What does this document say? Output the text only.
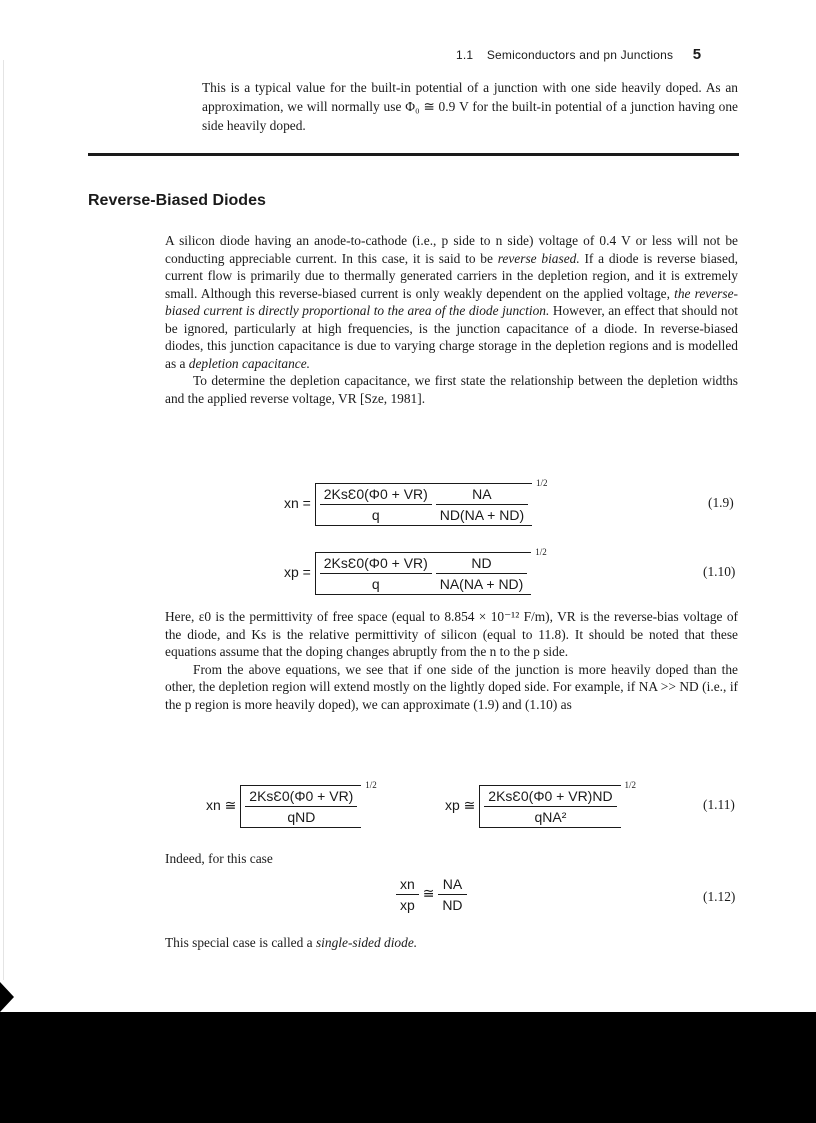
1.1 Semiconductors and pn Junctions 5
This is a typical value for the built-in potential of a junction with one side heavily doped. As an approximation, we will normally use Φ₀ ≅ 0.9 V for the built-in potential of a junction having one side heavily doped.
Reverse-Biased Diodes

A silicon diode having an anode-to-cathode (i.e., p side to n side) voltage of 0.4 V or less will not be conducting appreciable current. In this case, it is said to be reverse biased. If a diode is reverse biased, current flow is primarily due to thermally generated carriers in the depletion region, and it is extremely small. Although this reverse-biased current is only weakly dependent on the applied voltage, the reverse-biased current is directly proportional to the area of the diode junction. However, an effect that should not be ignored, particularly at high frequencies, is the junction capacitance of a diode. In reverse-biased diodes, this junction capacitance is due to varying charge storage in the depletion regions and is modelled as a depletion capacitance.

To determine the depletion capacitance, we first state the relationship between the depletion widths and the applied reverse voltage, VR [Sze, 1981].

xn = $\frac{\text{2KsƐ0(Φ0 + VR)}}{q}$
$\frac{NA}{ND(NA + ND)}$
$^{1/2}$
(1.9)
xp = $\frac{\text{2KsƐ0(Φ0 + VR)}}{q}$
$\frac{ND}{NA(NA + ND)}$
$^{1/2}$
(1.10)

Here, ε0 is the permittivity of free space (equal to 8.854 × 10⁻¹² F/m), VR is the reverse-bias voltage of the diode, and Ks is the relative permittivity of silicon (equal to 11.8). It should be noted that these equations assume that the doping changes abruptly from the n to the p side.

From the above equations, we see that if one side of the junction is more heavily doped than the other, the depletion region will extend mostly on the lightly doped side. For example, if NA >> ND (i.e., if the p region is more heavily doped), we can approximate (1.9) and (1.10) as

xn ≅ $\frac{\text{2KsƐ0(Φ0 + VR)}}{\text{qND}}$
$^{1/2}$
xp ≅ $\frac{\text{2KsƐ0(Φ0 + VR)ND}}{\text{qNA²}}$
$^{1/2}$
(1.11)
Indeed, for this case
$\frac{xn}{xp}$ ≅ $\frac{NA}{ND}$	(1.12)
This special case is called a single-sided diode.
